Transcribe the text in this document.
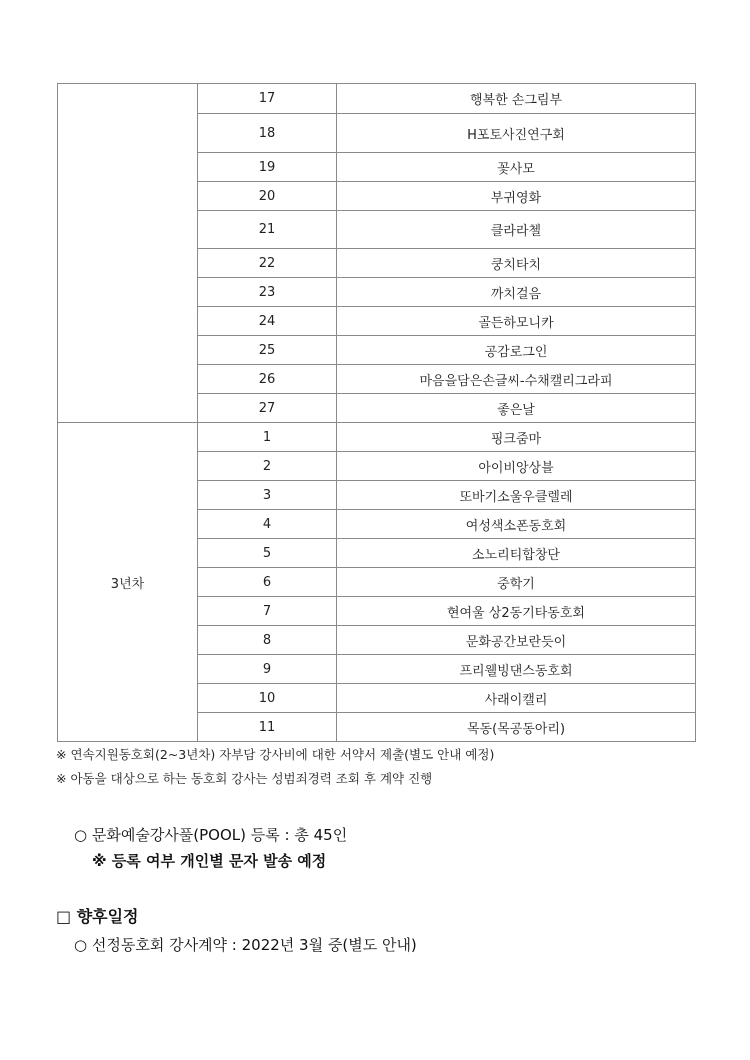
	17	행복한 손그림부
	18	H포토사진연구회
	19	꽃사모
	20	부귀영화
	21	클라라첼
	22	쿵치타치
	23	까치걸음
	24	골든하모니카
	25	공감로그인
	26	마음을담은손글씨-수채캘리그라피
	27	좋은날
3년차	1	핑크줌마
	2	아이비앙상블
	3	또바기소울우클렐레
	4	여성색소폰동호회
	5	소노리티합창단
	6	중학기
	7	현여울 상2동기타동호회
	8	문화공간보란듯이
	9	프리웰빙댄스동호회
	10	사래이캘리
	11	목동(목공동아리)
※ 연속지원동호회(2~3년차) 자부담 강사비에 대한 서약서 제출(별도 안내 예정)
※ 아동을 대상으로 하는 동호회 강사는 성범죄경력 조회 후 계약 진행
○ 문화예술강사풀(POOL) 등록 : 총 45인
※ 등록 여부 개인별 문자 발송 예정
□ 향후일정
○ 선정동호회 강사계약 : 2022년 3월 중(별도 안내)
